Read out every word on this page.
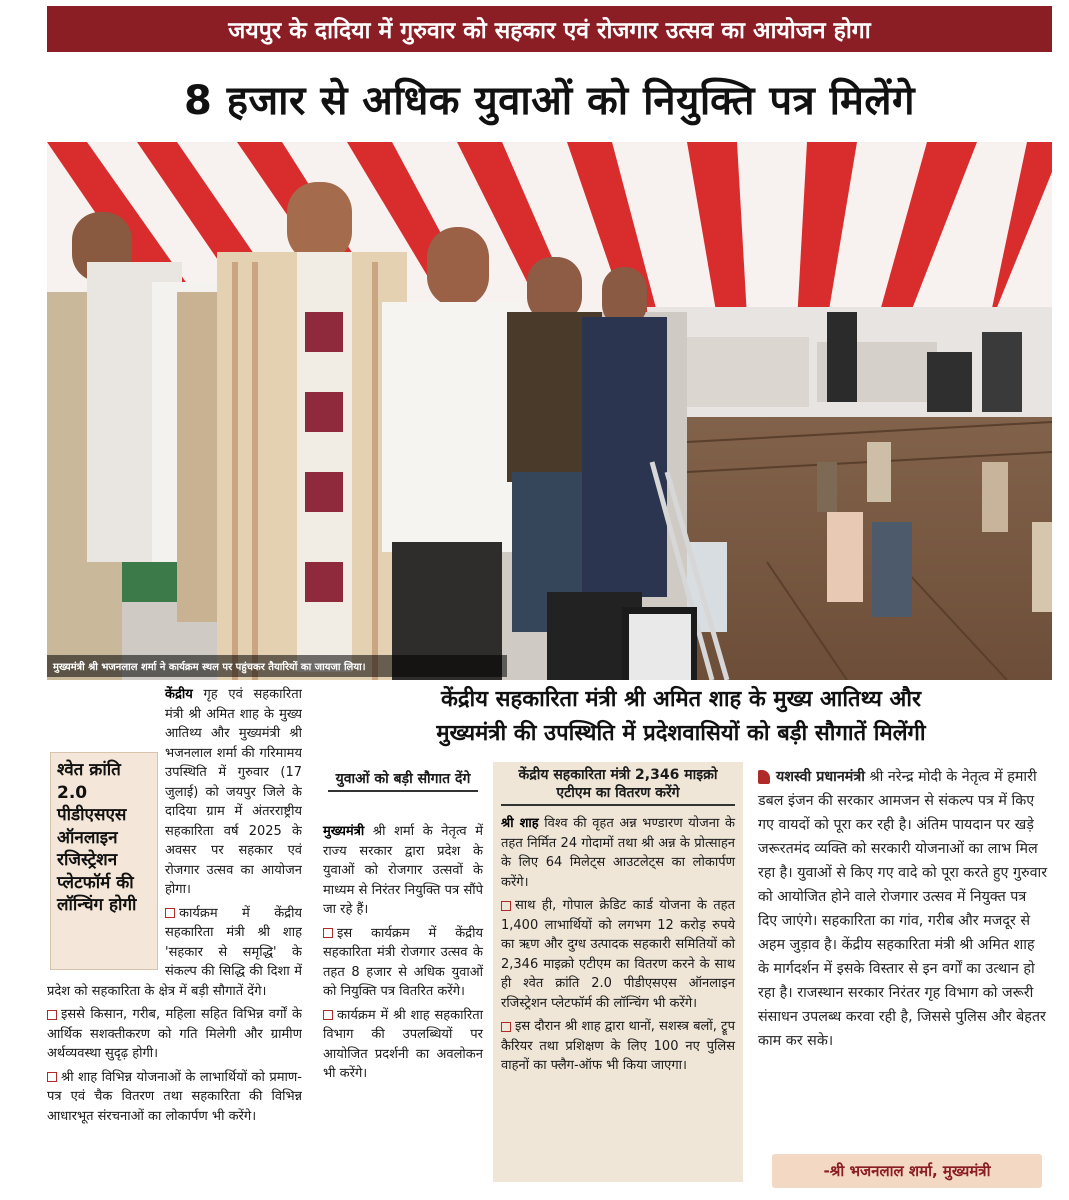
जयपुर के दादिया में गुरुवार को सहकार एवं रोजगार उत्सव का आयोजन होगा
8 हजार से अधिक युवाओं को नियुक्ति पत्र मिलेंगे
मुख्यमंत्री श्री भजनलाल शर्मा ने कार्यक्रम स्थल पर पहुंचकर तैयारियों का जायजा लिया।
केंद्रीय सहकारिता मंत्री श्री अमित शाह के मुख्य आतिथ्य और
मुख्यमंत्री की उपस्थिति में प्रदेशवासियों को बड़ी सौगातें मिलेंगी

केंद्रीय गृह एवं सहकारिता मंत्री श्री अमित शाह के मुख्य आतिथ्य और मुख्यमंत्री श्री भजनलाल शर्मा की गरिमामय उपस्थिति में गुरुवार (17 जुलाई) को जयपुर जिले के दादिया ग्राम में अंतरराष्ट्रीय सहकारिता वर्ष 2025 के अवसर पर सहकार एवं रोजगार उत्सव का आयोजन होगा।

कार्यक्रम में केंद्रीय सहकारिता मंत्री श्री शाह 'सहकार से समृद्धि' के संकल्प की सिद्धि की दिशा में प्रदेश को सहकारिता के क्षेत्र में बड़ी सौगातें देंगे।

इससे किसान, गरीब, महिला सहित विभिन्न वर्गों के आर्थिक सशक्तीकरण को गति मिलेगी और ग्रामीण अर्थव्यवस्था सुदृढ़ होगी।

श्री शाह विभिन्न योजनाओं के लाभार्थियों को प्रमाण-पत्र एवं चैक वितरण तथा सहकारिता की विभिन्न आधारभूत संरचनाओं का लोकार्पण भी करेंगे।

श्वेत क्रांति 2.0 पीडीएसएस ऑनलाइन रजिस्ट्रेशन प्लेटफॉर्म की लॉन्चिंग होगी
युवाओं को बड़ी सौगात देंगे

मुख्यमंत्री श्री शर्मा के नेतृत्व में राज्य सरकार द्वारा प्रदेश के युवाओं को रोजगार उत्सवों के माध्यम से निरंतर नियुक्ति पत्र सौंपे जा रहे हैं।

इस कार्यक्रम में केंद्रीय सहकारिता मंत्री रोजगार उत्सव के तहत 8 हजार से अधिक युवाओं को नियुक्ति पत्र वितरित करेंगे।

कार्यक्रम में श्री शाह सहकारिता विभाग की उपलब्धियों पर आयोजित प्रदर्शनी का अवलोकन भी करेंगे।

केंद्रीय सहकारिता मंत्री 2,346 माइक्रो एटीएम का वितरण करेंगे

श्री शाह विश्व की वृहत अन्न भण्डारण योजना के तहत निर्मित 24 गोदामों तथा श्री अन्न के प्रोत्साहन के लिए 64 मिलेट्स आउटलेट्स का लोकार्पण करेंगे।

साथ ही, गोपाल क्रेडिट कार्ड योजना के तहत 1,400 लाभार्थियों को लगभग 12 करोड़ रुपये का ऋण और दुग्ध उत्पादक सहकारी समितियों को 2,346 माइक्रो एटीएम का वितरण करने के साथ ही श्वेत क्रांति 2.0 पीडीएसएस ऑनलाइन रजिस्ट्रेशन प्लेटफॉर्म की लॉन्चिंग भी करेंगे।

इस दौरान श्री शाह द्वारा थानों, सशस्त्र बलों, ट्रूप कैरियर तथा प्रशिक्षण के लिए 100 नए पुलिस वाहनों का फ्लैग-ऑफ भी किया जाएगा।

यशस्वी प्रधानमंत्री श्री नरेन्द्र मोदी के नेतृत्व में हमारी डबल इंजन की सरकार आमजन से संकल्प पत्र में किए गए वायदों को पूरा कर रही है। अंतिम पायदान पर खड़े जरूरतमंद व्यक्ति को सरकारी योजनाओं का लाभ मिल रहा है। युवाओं से किए गए वादे को पूरा करते हुए गुरुवार को आयोजित होने वाले रोजगार उत्सव में नियुक्त पत्र दिए जाएंगे। सहकारिता का गांव, गरीब और मजदूर से अहम जुड़ाव है। केंद्रीय सहकारिता मंत्री श्री अमित शाह के मार्गदर्शन में इसके विस्तार से इन वर्गों का उत्थान हो रहा है। राजस्थान सरकार निरंतर गृह विभाग को जरूरी संसाधन उपलब्ध करवा रही है, जिससे पुलिस और बेहतर काम कर सके।
-श्री भजनलाल शर्मा, मुख्यमंत्री
